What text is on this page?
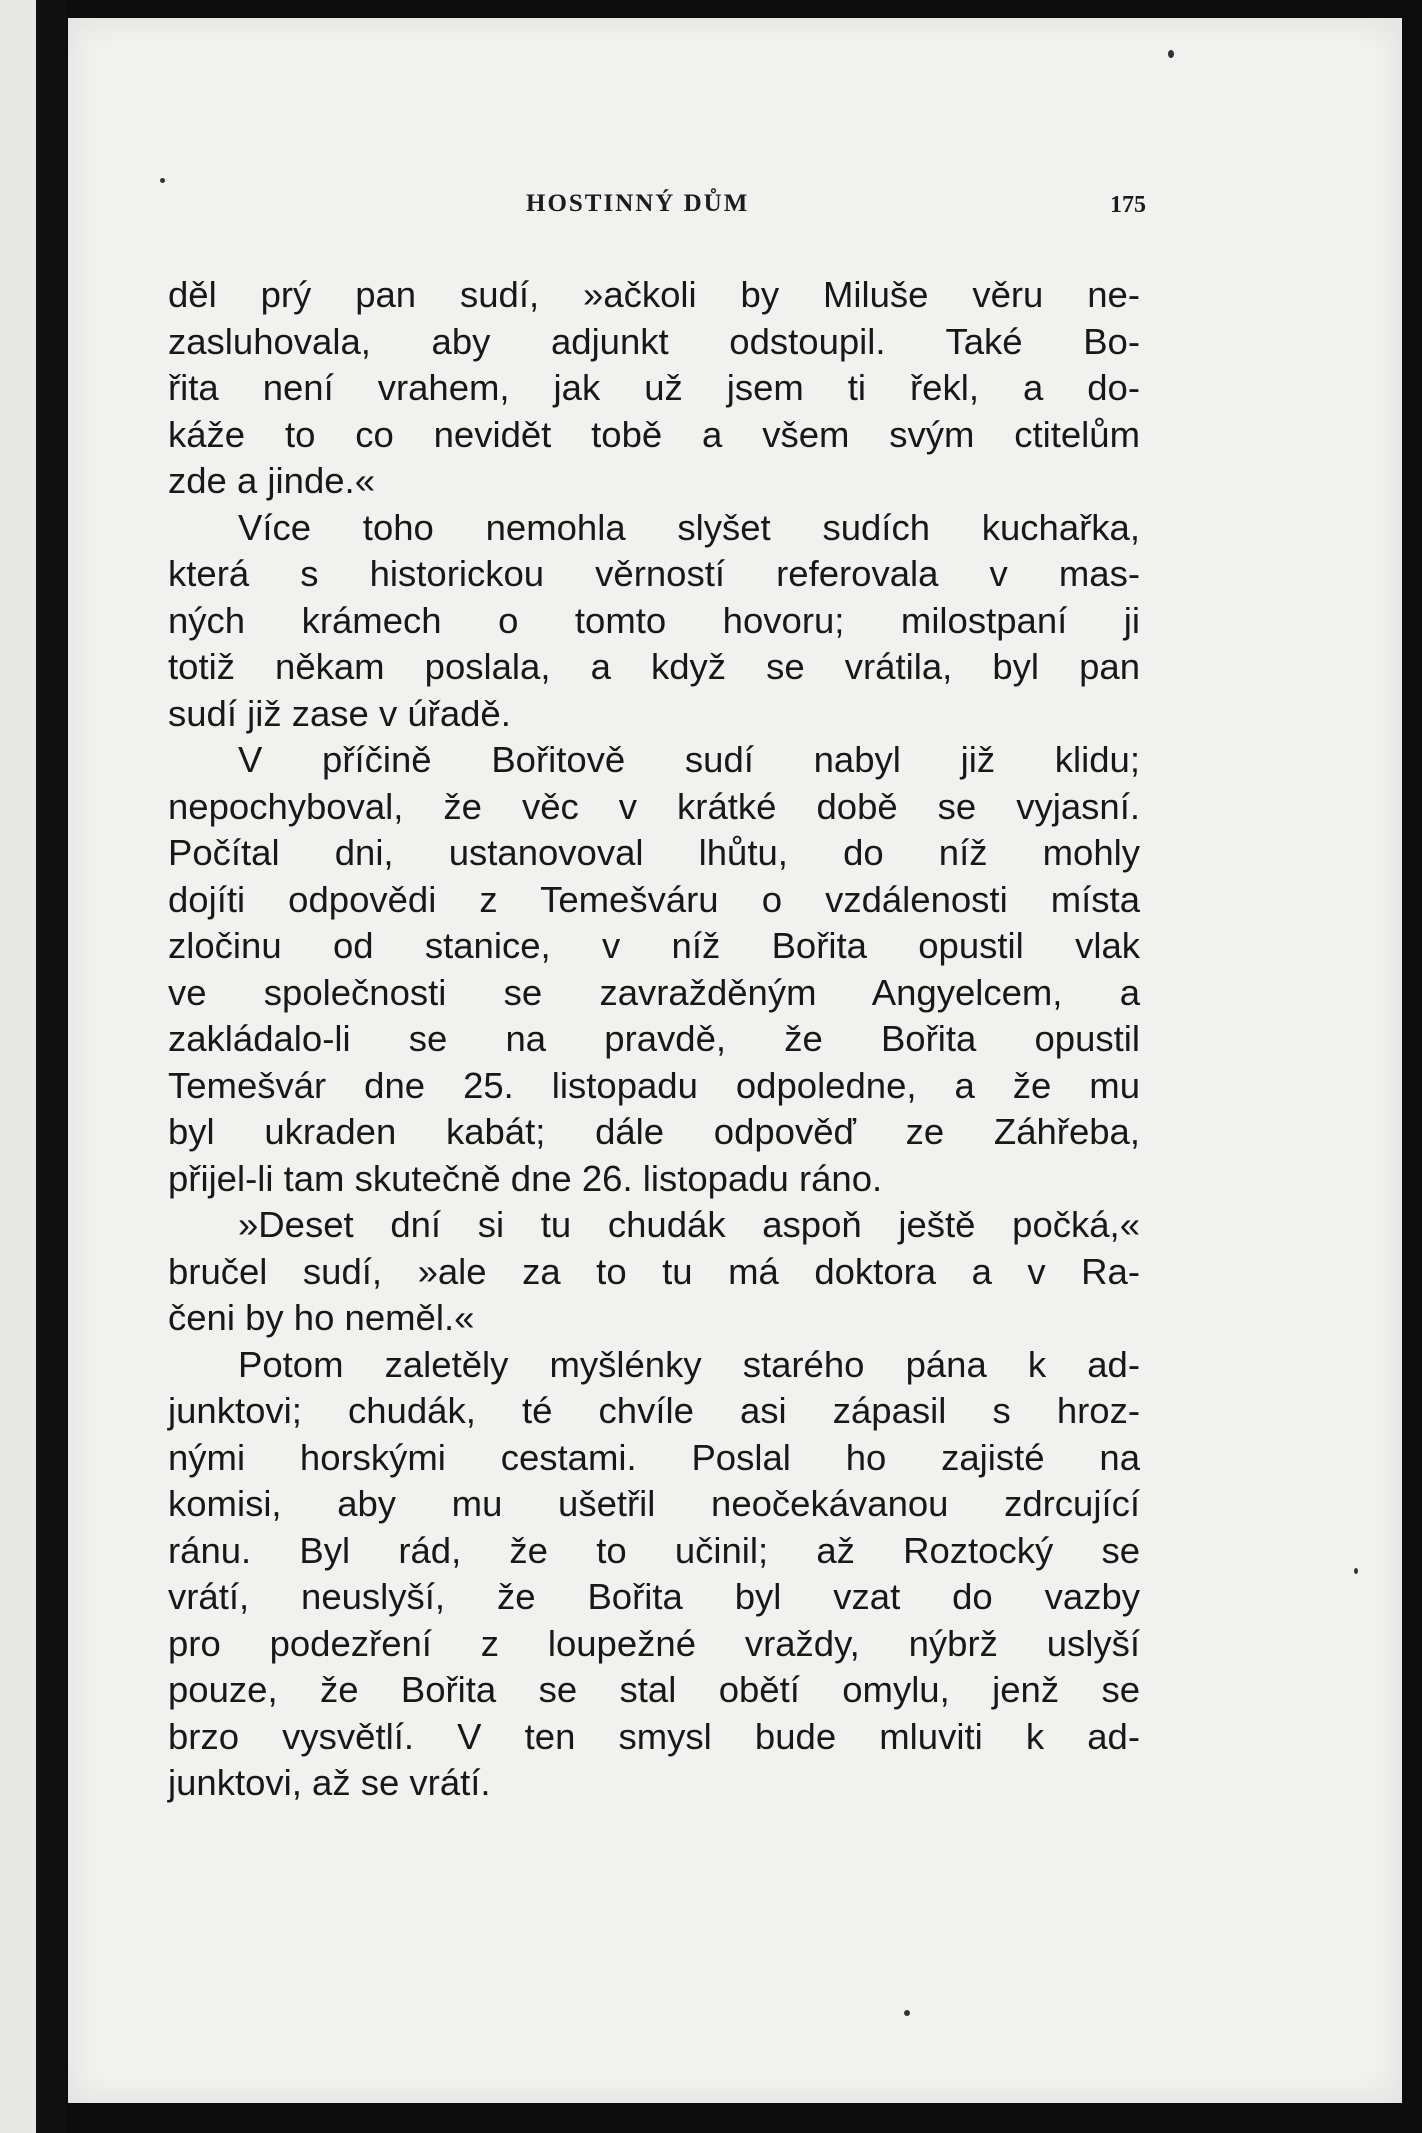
HOSTINNÝ DŮM	175
děl prý pan sudí, »ačkoli by Miluše věru ne-
zasluhovala, aby adjunkt odstoupil. Také Bo-
řita není vrahem, jak už jsem ti řekl, a do-
káže to co nevidět tobě a všem svým ctitelům
zde a jinde.«
Více toho nemohla slyšet sudích kuchařka,
která s historickou věrností referovala v mas-
ných krámech o tomto hovoru; milostpaní ji
totiž někam poslala, a když se vrátila, byl pan
sudí již zase v úřadě.
V příčině Bořitově sudí nabyl již klidu;
nepochyboval, že věc v krátké době se vyjasní.
Počítal dni, ustanovoval lhůtu, do níž mohly
dojíti odpovědi z Temešváru o vzdálenosti místa
zločinu od stanice, v níž Bořita opustil vlak
ve společnosti se zavražděným Angyelcem, a
zakládalo-li se na pravdě, že Bořita opustil
Temešvár dne 25. listopadu odpoledne, a že mu
byl ukraden kabát; dále odpověď ze Záhřeba,
přijel-li tam skutečně dne 26. listopadu ráno.
»Deset dní si tu chudák aspoň ještě počká,«
bručel sudí, »ale za to tu má doktora a v Ra-
čeni by ho neměl.«
Potom zaletěly myšlénky starého pána k ad-
junktovi; chudák, té chvíle asi zápasil s hroz-
nými horskými cestami. Poslal ho zajisté na
komisi, aby mu ušetřil neočekávanou zdrcující
ránu. Byl rád, že to učinil; až Roztocký se
vrátí, neuslyší, že Bořita byl vzat do vazby
pro podezření z loupežné vraždy, nýbrž uslyší
pouze, že Bořita se stal obětí omylu, jenž se
brzo vysvětlí. V ten smysl bude mluviti k ad-
junktovi, až se vrátí.
